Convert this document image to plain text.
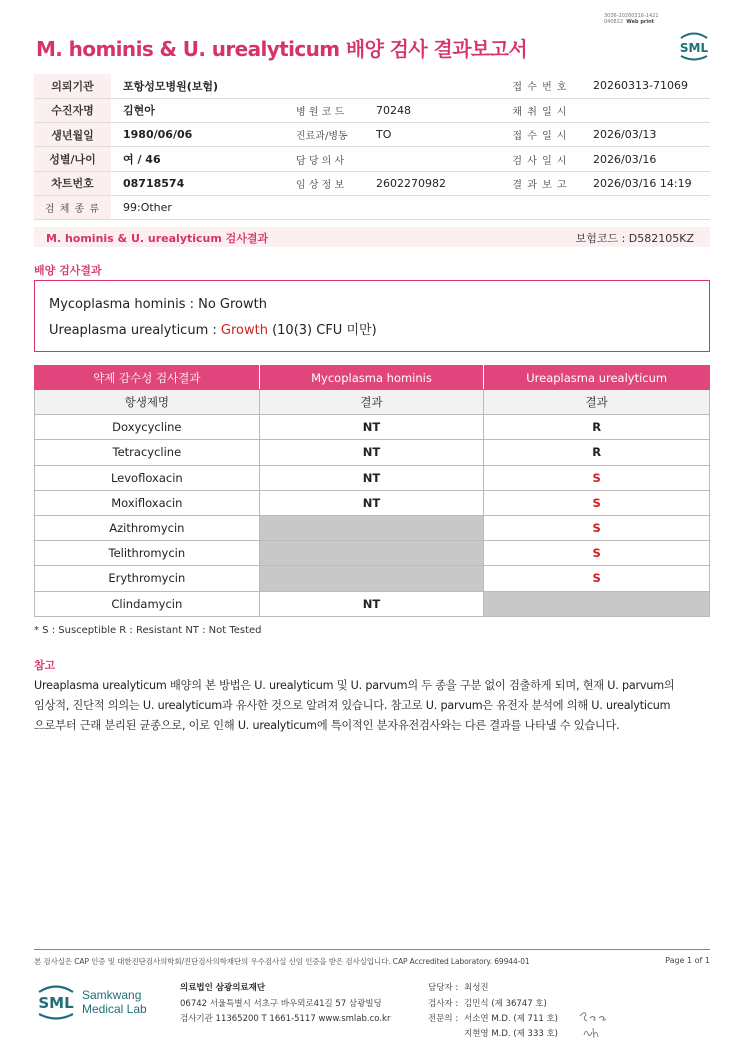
M. hominis & U. urealyticum 배양 검사 결과보고서
3036-20260316-1421
040822 Web print
SML
의뢰기관	포항성모병원(보험)			접 수 번 호	20260313-71069
수진자명	김현아	병 원 코 드	70248	채 취 일 시	
생년월일	1980/06/06	진료과/병동	TO	접 수 일 시	2026/03/13
성별/나이	여 / 46	담 당 의 사		검 사 일 시	2026/03/16
차트번호	08718574	임 상 정 보	2602270982	결 과 보 고	2026/03/16 14:19
검 체 종 류	99:Other				
M. hominis & U. urealyticum 검사결과	보험코드 : D582105KZ
배양 검사결과
Mycoplasma hominis : No Growth
Ureaplasma urealyticum : Growth (10(3) CFU 미만)
약제 감수성 검사결과	Mycoplasma hominis	Ureaplasma urealyticum
항생제명	결과	결과
Doxycycline	NT	R
Tetracycline	NT	R
Levofloxacin	NT	S
Moxifloxacin	NT	S
Azithromycin		S
Telithromycin		S
Erythromycin		S
Clindamycin	NT	
* S : Susceptible R : Resistant NT : Not Tested
참고
Ureaplasma urealyticum 배양의 본 방법은 U. urealyticum 및 U. parvum의 두 종을 구분 없이 검출하게 되며, 현재 U. parvum의
임상적, 진단적 의의는 U. urealyticum과 유사한 것으로 알려져 있습니다. 참고로 U. parvum은 유전자 분석에 의해 U. urealyticum
으로부터 근래 분리된 균종으로, 이로 인해 U. urealyticum에 특이적인 분자유전검사와는 다른 결과를 나타낼 수 있습니다.
본 검사실은 CAP 인증 및 대한진단검사의학회/진단검사의학재단의 우수검사실 신임 인증을 받은 검사실입니다. CAP Accredited Laboratory. 69944-01	Page 1 of 1
SML Samkwang
Medical Lab
의료법인 삼광의료재단
06742 서울특별시 서초구 바우뫼로41길 57 삼광빌딩
검사기관 11365200 T 1661-5117 www.smlab.co.kr
담당자 : 최성진
검사자 : 김민식 (제 36747 호)
전문의 : 서소연 M.D. (제 711 호)
지현영 M.D. (제 333 호)
